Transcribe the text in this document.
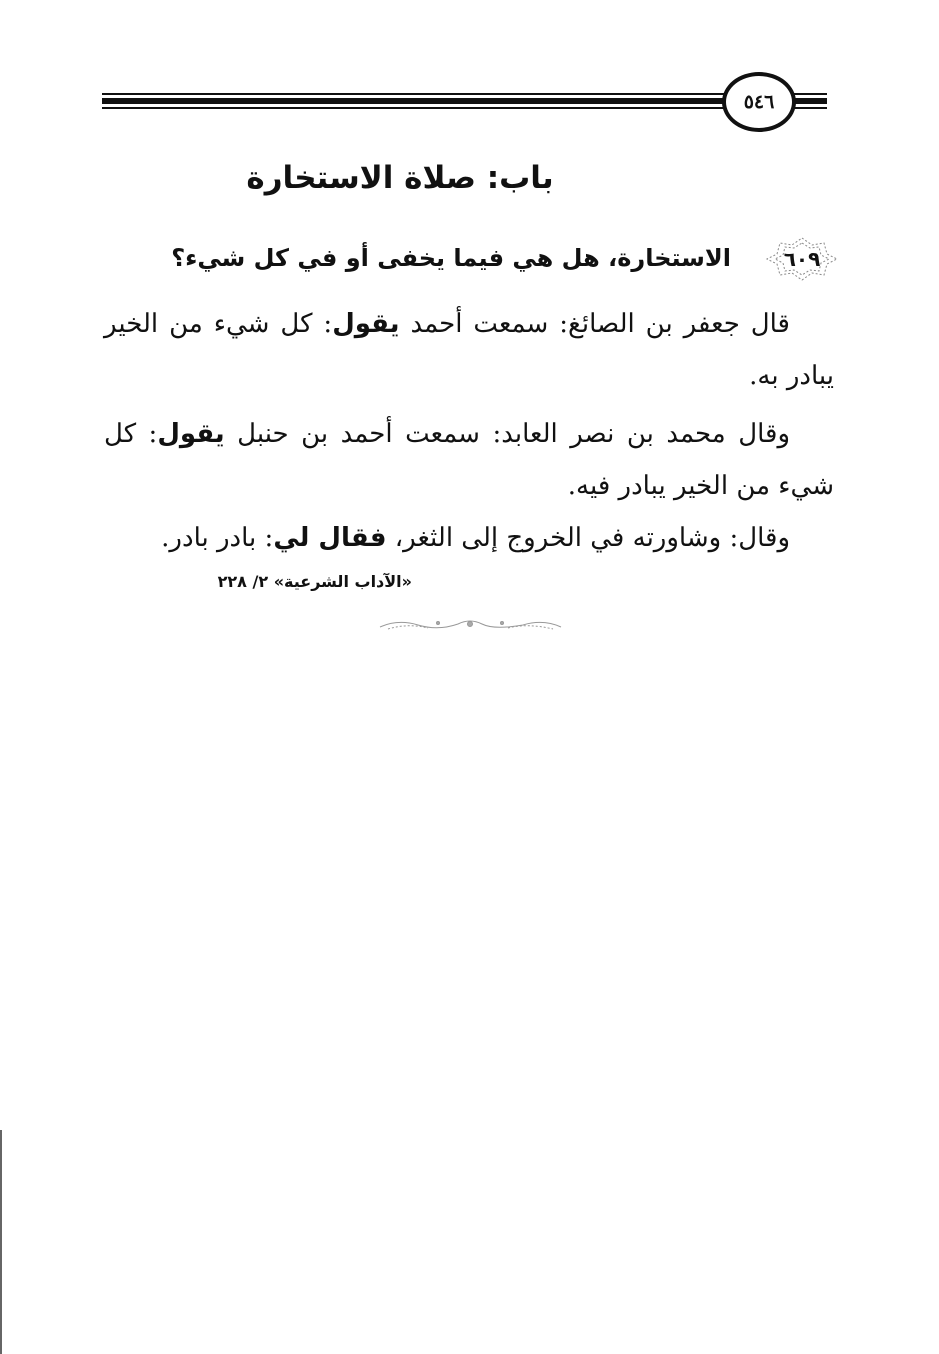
٥٤٦
باب: صلاة الاستخارة
٦٠٩
الاستخارة، هل هي فيما يخفى أو في كل شيء؟
قال جعفر بن الصائغ: سمعت أحمد يقول: كل شيء من الخير يبادر به.
وقال محمد بن نصر العابد: سمعت أحمد بن حنبل يقول: كل شيء من الخير يبادر فيه.
وقال: وشاورته في الخروج إلى الثغر، فقال لي: بادر بادر.
«الآداب الشرعية» ٢/ ٢٢٨
